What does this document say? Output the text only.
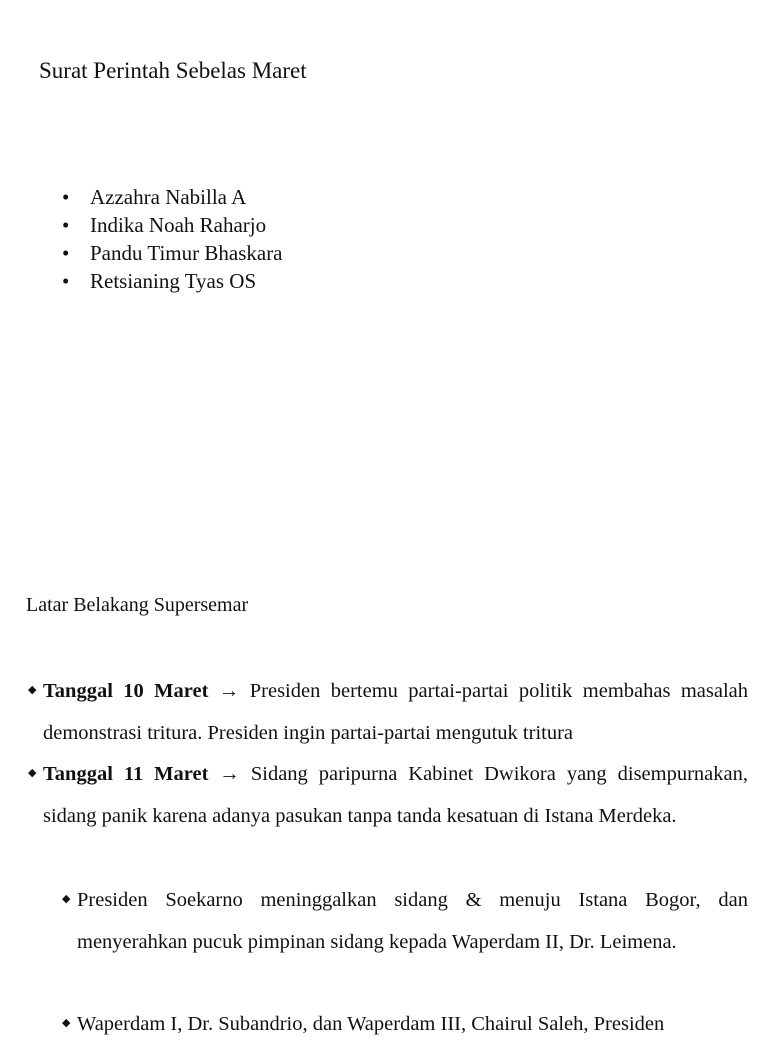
Surat Perintah Sebelas Maret
• Azzahra Nabilla A
• Indika Noah Raharjo
• Pandu Timur Bhaskara
• Retsianing Tyas OS
Latar Belakang Supersemar
◆ Tanggal 10 Maret → Presiden bertemu partai-partai politik membahas masalah demonstrasi tritura. Presiden ingin partai-partai mengutuk tritura
◆ Tanggal 11 Maret → Sidang paripurna Kabinet Dwikora yang disempurnakan, sidang panik karena adanya pasukan tanpa tanda kesatuan di Istana Merdeka.
◆ Presiden Soekarno meninggalkan sidang & menuju Istana Bogor, dan menyerahkan pucuk pimpinan sidang kepada Waperdam II, Dr. Leimena.
◆ Waperdam I, Dr. Subandrio, dan Waperdam III, Chairul Saleh, Presiden
